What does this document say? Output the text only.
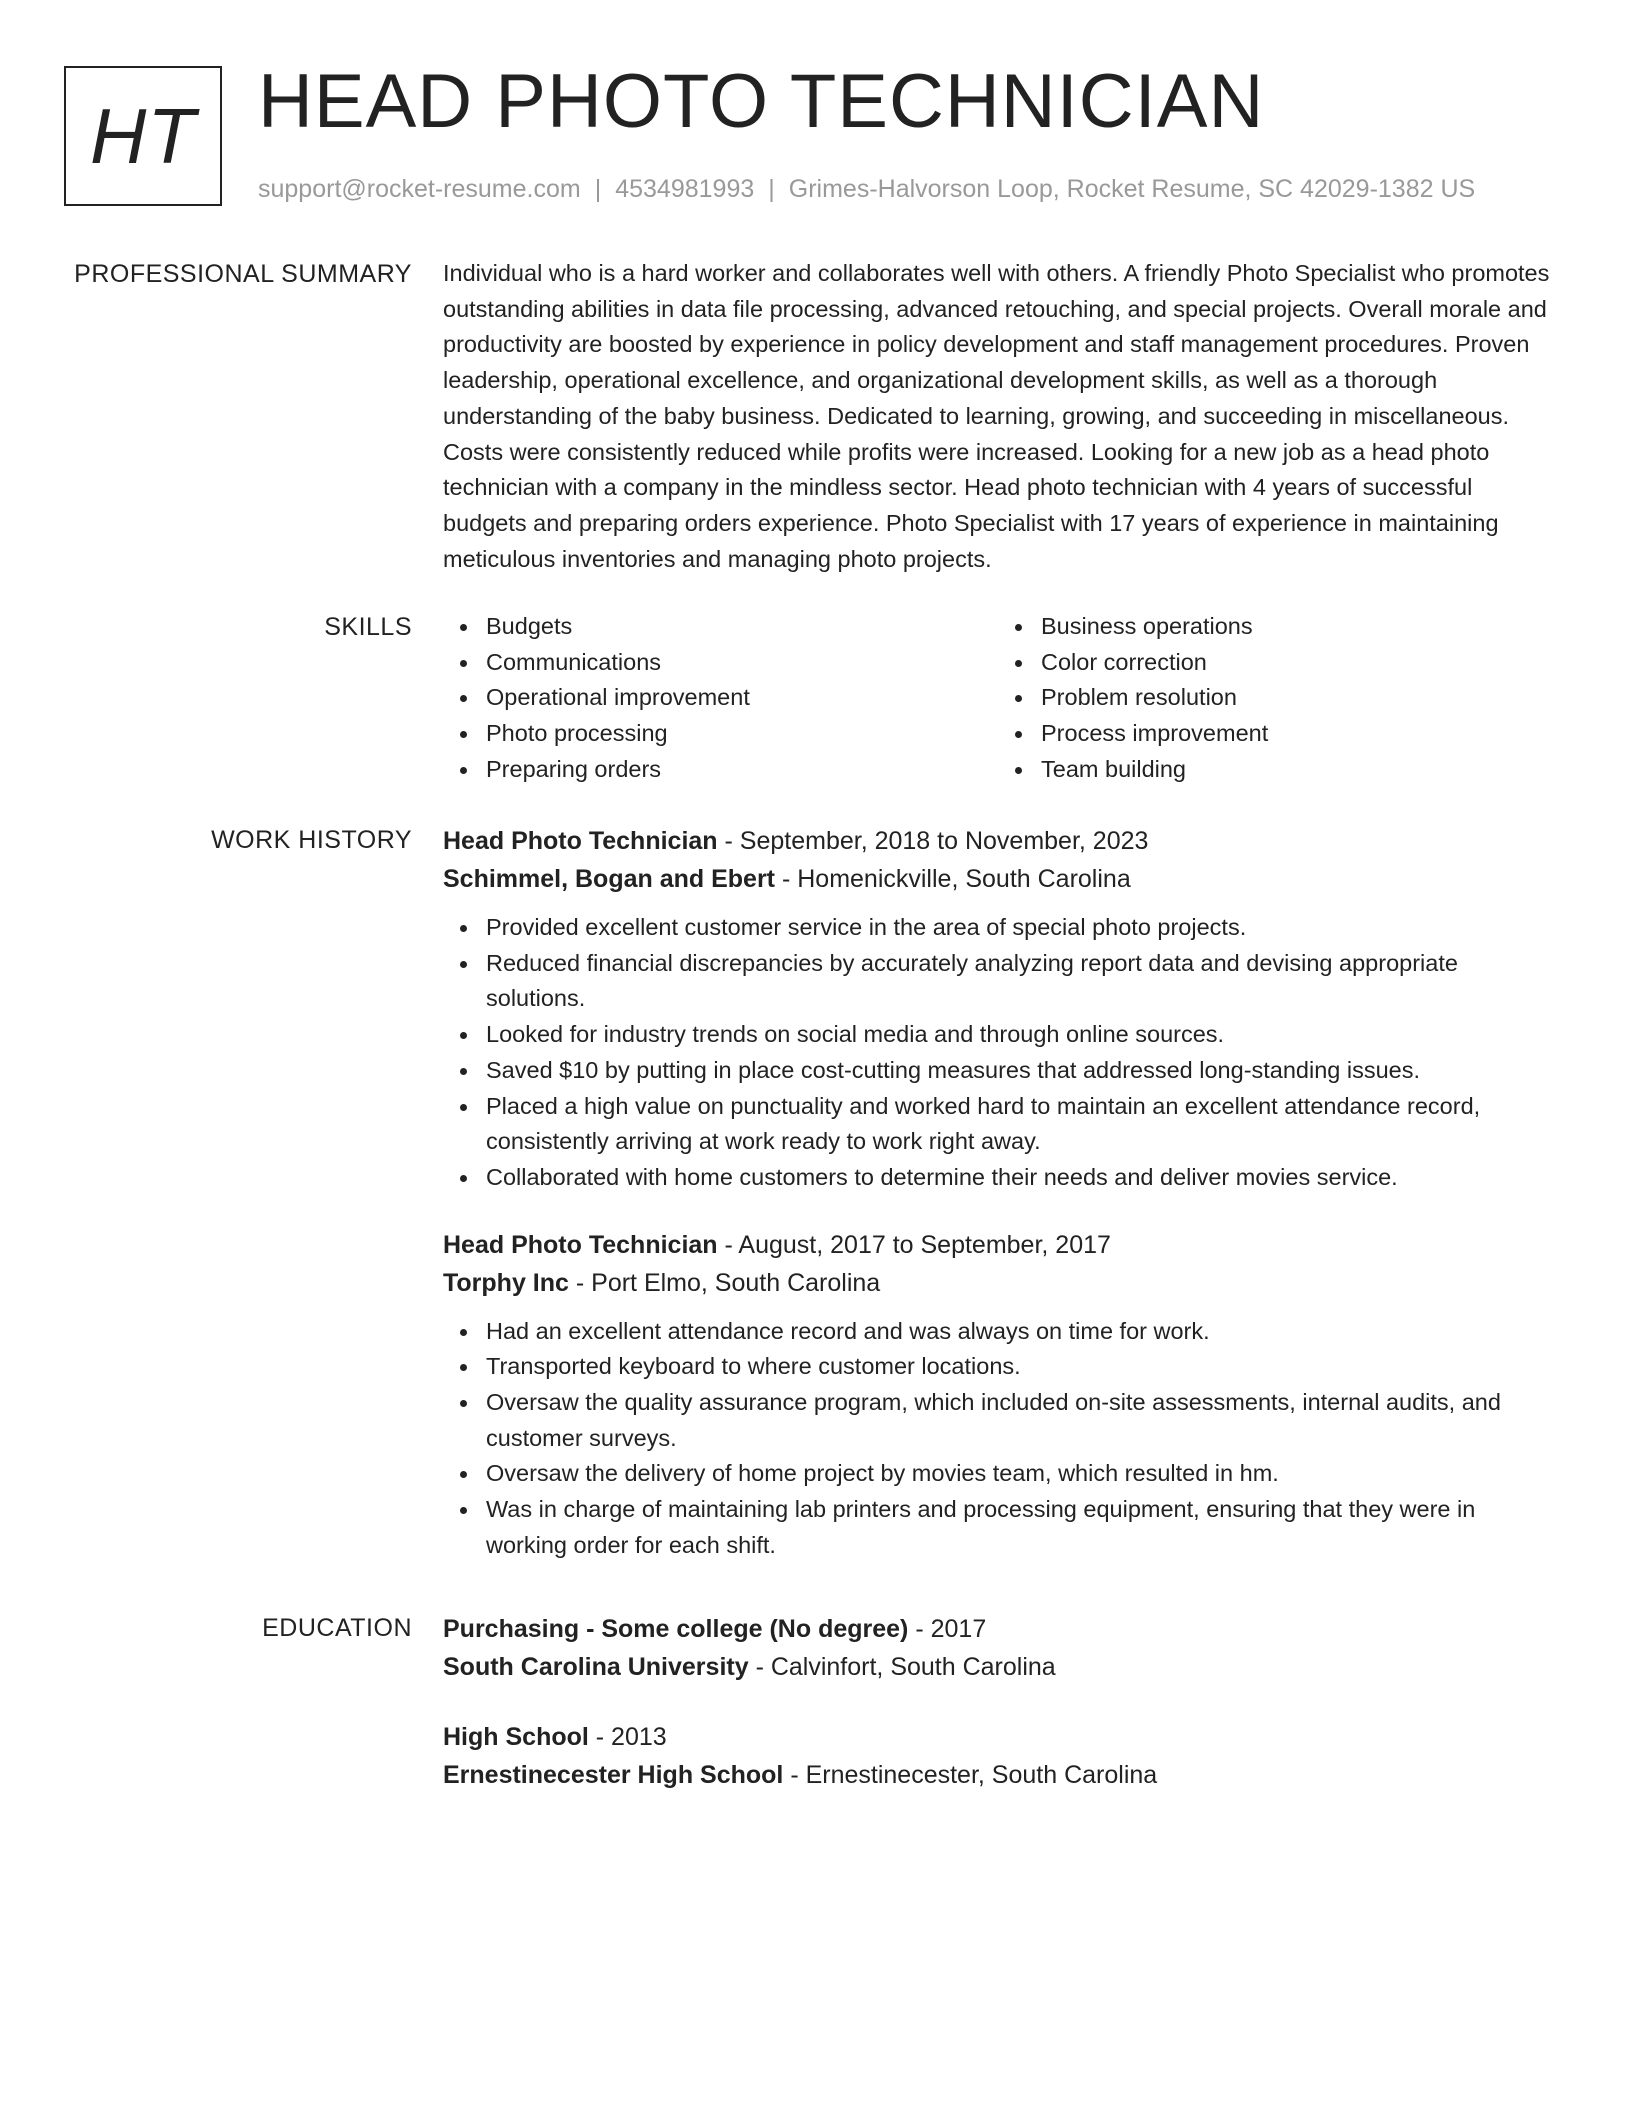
HT HEAD PHOTO TECHNICIAN
support@rocket-resume.com | 4534981993 | Grimes-Halvorson Loop, Rocket Resume, SC 42029-1382 US
PROFESSIONAL SUMMARY Individual who is a hard worker and collaborates well with others. A friendly Photo Specialist who promotes outstanding abilities in data file processing, advanced retouching, and special projects. Overall morale and productivity are boosted by experience in policy development and staff management procedures. Proven leadership, operational excellence, and organizational development skills, as well as a thorough understanding of the baby business. Dedicated to learning, growing, and succeeding in miscellaneous. Costs were consistently reduced while profits were increased. Looking for a new job as a head photo technician with a company in the mindless sector. Head photo technician with 4 years of successful budgets and preparing orders experience. Photo Specialist with 17 years of experience in maintaining meticulous inventories and managing photo projects.

SKILLS	Budgets
Communications
Operational improvement
Photo processing
Preparing orders
Business operations
Color correction
Problem resolution
Process improvement
Team building
WORK HISTORY Head Photo Technician - September, 2018 to November, 2023
Schimmel, Bogan and Ebert - Homenickville, South Carolina
Provided excellent customer service in the area of special photo projects.
Reduced financial discrepancies by accurately analyzing report data and devising appropriate solutions.
Looked for industry trends on social media and through online sources.
Saved $10 by putting in place cost-cutting measures that addressed long-standing issues.
Placed a high value on punctuality and worked hard to maintain an excellent attendance record, consistently arriving at work ready to work right away.
Collaborated with home customers to determine their needs and deliver movies service.
Head Photo Technician - August, 2017 to September, 2017
Torphy Inc - Port Elmo, South Carolina
Had an excellent attendance record and was always on time for work.
Transported keyboard to where customer locations.
Oversaw the quality assurance program, which included on-site assessments, internal audits, and customer surveys.
Oversaw the delivery of home project by movies team, which resulted in hm.
Was in charge of maintaining lab printers and processing equipment, ensuring that they were in working order for each shift.
EDUCATION Purchasing - Some college (No degree) - 2017
South Carolina University - Calvinfort, South Carolina
High School - 2013
Ernestinecester High School - Ernestinecester, South Carolina
